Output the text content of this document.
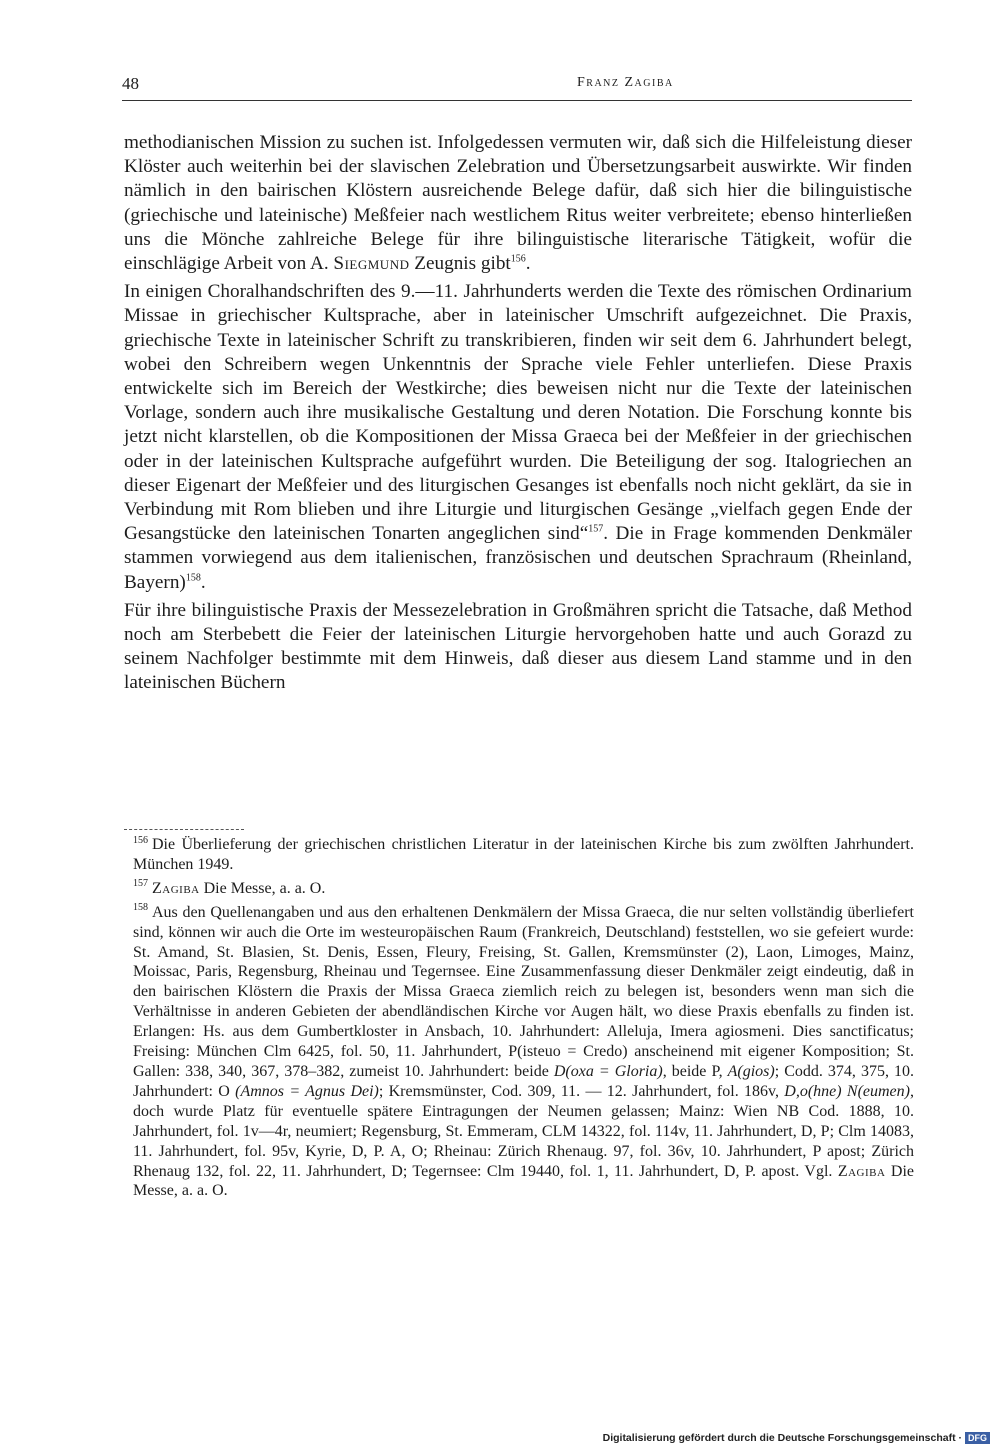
48	Franz Zagiba

methodianischen Mission zu suchen ist. Infolgedessen vermuten wir, daß sich die Hilfeleistung dieser Klöster auch weiterhin bei der slavischen Zelebration und Übersetzungsarbeit auswirkte. Wir finden nämlich in den bairischen Klöstern ausreichende Belege dafür, daß sich hier die bilinguistische (griechische und lateinische) Meßfeier nach westlichem Ritus weiter verbreitete; ebenso hinterließen uns die Mönche zahlreiche Belege für ihre bilinguistische literarische Tätigkeit, wofür die einschlägige Arbeit von A. Siegmund Zeugnis gibt$^{156}$.

In einigen Choralhandschriften des 9.—11. Jahrhunderts werden die Texte des römischen Ordinarium Missae in griechischer Kultsprache, aber in lateinischer Umschrift aufgezeichnet. Die Praxis, griechische Texte in lateinischer Schrift zu transkribieren, finden wir seit dem 6. Jahrhundert belegt, wobei den Schreibern wegen Unkenntnis der Sprache viele Fehler unterliefen. Diese Praxis entwickelte sich im Bereich der Westkirche; dies beweisen nicht nur die Texte der lateinischen Vorlage, sondern auch ihre musikalische Gestaltung und deren Notation. Die Forschung konnte bis jetzt nicht klarstellen, ob die Kompositionen der Missa Graeca bei der Meßfeier in der griechischen oder in der lateinischen Kultsprache aufgeführt wurden. Die Beteiligung der sog. Italogriechen an dieser Eigenart der Meßfeier und des liturgischen Gesanges ist ebenfalls noch nicht geklärt, da sie in Verbindung mit Rom blieben und ihre Liturgie und liturgischen Gesänge „vielfach gegen Ende der Gesangstücke den lateinischen Tonarten angeglichen sind“$^{157}$. Die in Frage kommenden Denkmäler stammen vorwiegend aus dem italienischen, französischen und deutschen Sprachraum (Rheinland, Bayern)$^{158}$.

Für ihre bilinguistische Praxis der Messezelebration in Großmähren spricht die Tatsache, daß Method noch am Sterbebett die Feier der lateinischen Liturgie hervorgehoben hatte und auch Gorazd zu seinem Nachfolger bestimmte mit dem Hinweis, daß dieser aus diesem Land stamme und in den lateinischen Büchern

$^{156}$ Die Überlieferung der griechischen christlichen Literatur in der lateinischen Kirche bis zum zwölften Jahrhundert. München 1949.

$^{157}$ Zagiba Die Messe, a. a. O.

$^{158}$ Aus den Quellenangaben und aus den erhaltenen Denkmälern der Missa Graeca, die nur selten vollständig überliefert sind, können wir auch die Orte im westeuropäischen Raum (Frankreich, Deutschland) feststellen, wo sie gefeiert wurde: St. Amand, St. Blasien, St. Denis, Essen, Fleury, Freising, St. Gallen, Kremsmünster (2), Laon, Limoges, Mainz, Moissac, Paris, Regensburg, Rheinau und Tegernsee. Eine Zusammenfassung dieser Denkmäler zeigt eindeutig, daß in den bairischen Klöstern die Praxis der Missa Graeca ziemlich reich zu belegen ist, besonders wenn man sich die Verhältnisse in anderen Gebieten der abendländischen Kirche vor Augen hält, wo diese Praxis ebenfalls zu finden ist. Erlangen: Hs. aus dem Gumbertkloster in Ansbach, 10. Jahrhundert: Alleluja, Imera agiosmeni. Dies sanctificatus; Freising: München Clm 6425, fol. 50, 11. Jahrhundert, P(isteuo = Credo) anscheinend mit eigener Komposition; St. Gallen: 338, 340, 367, 378–382, zumeist 10. Jahrhundert: beide D(oxa = Gloria), beide P, A(gios); Codd. 374, 375, 10. Jahrhundert: O (Amnos = Agnus Dei); Kremsmünster, Cod. 309, 11. — 12. Jahrhundert, fol. 186v, D,o(hne) N(eumen), doch wurde Platz für eventuelle spätere Eintragungen der Neumen gelassen; Mainz: Wien NB Cod. 1888, 10. Jahrhundert, fol. 1v—4r, neumiert; Regensburg, St. Emmeram, CLM 14322, fol. 114v, 11. Jahrhundert, D, P; Clm 14083, 11. Jahrhundert, fol. 95v, Kyrie, D, P. A, O; Rheinau: Zürich Rhenaug. 97, fol. 36v, 10. Jahrhundert, P apost; Zürich Rhenaug 132, fol. 22, 11. Jahrhundert, D; Tegernsee: Clm 19440, fol. 1, 11. Jahrhundert, D, P. apost. Vgl. Zagiba Die Messe, a. a. O.

Digitalisierung gefördert durch die Deutsche Forschungsgemeinschaft · DFG
